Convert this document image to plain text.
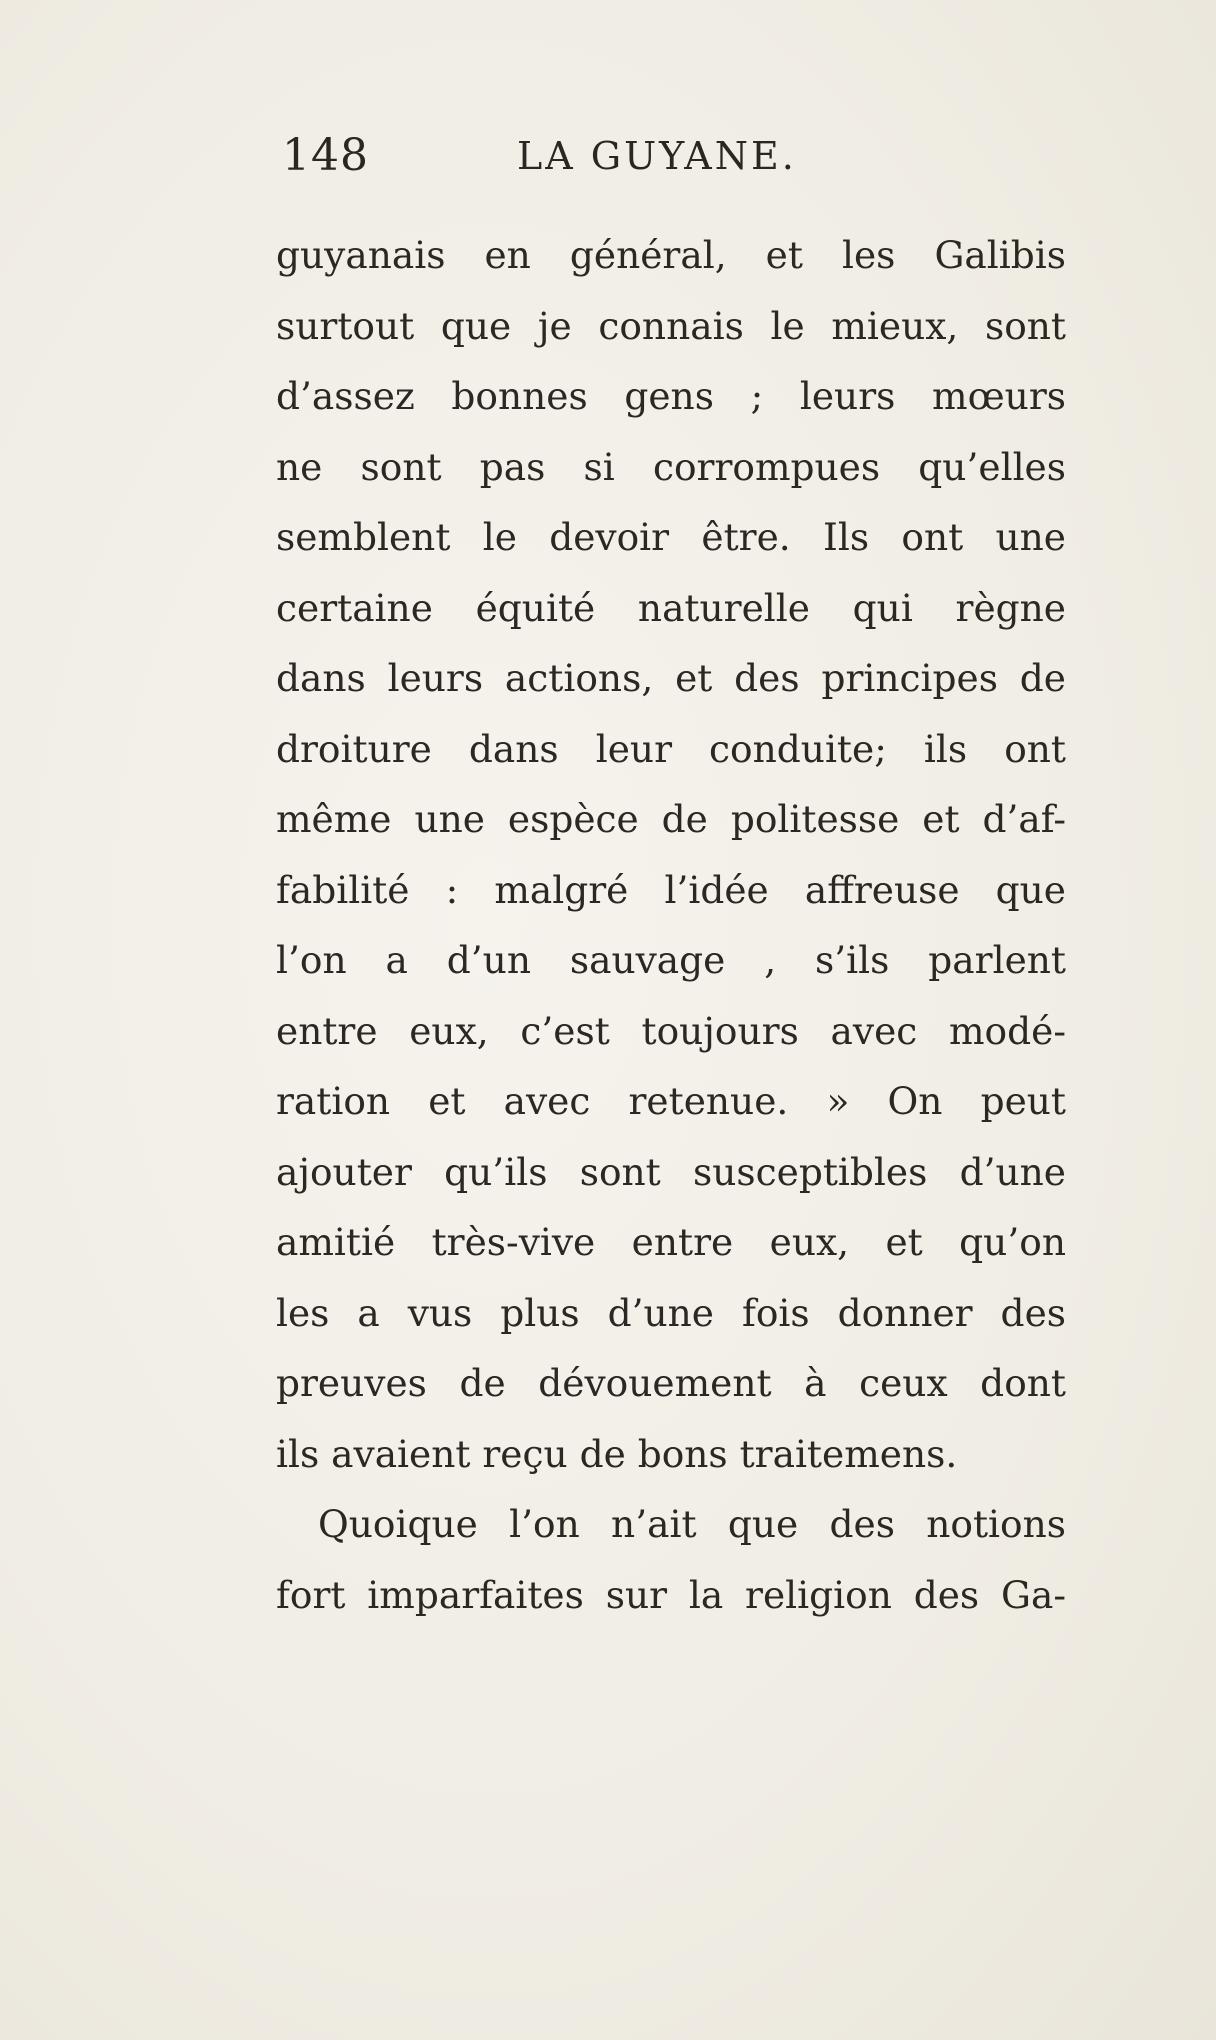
148	LA GUYANE.
guyanais en général, et les Galibis
surtout que je connais le mieux, sont
d’assez bonnes gens ; leurs mœurs
ne sont pas si corrompues qu’elles
semblent le devoir être. Ils ont une
certaine équité naturelle qui règne
dans leurs actions, et des principes de
droiture dans leur conduite; ils ont
même une espèce de politesse et d’af-
fabilité : malgré l’idée affreuse que
l’on a d’un sauvage , s’ils parlent
entre eux, c’est toujours avec modé-
ration et avec retenue. » On peut
ajouter qu’ils sont susceptibles d’une
amitié très-vive entre eux, et qu’on
les a vus plus d’une fois donner des
preuves de dévouement à ceux dont
ils avaient reçu de bons traitemens.
Quoique l’on n’ait que des notions
fort imparfaites sur la religion des Ga-
